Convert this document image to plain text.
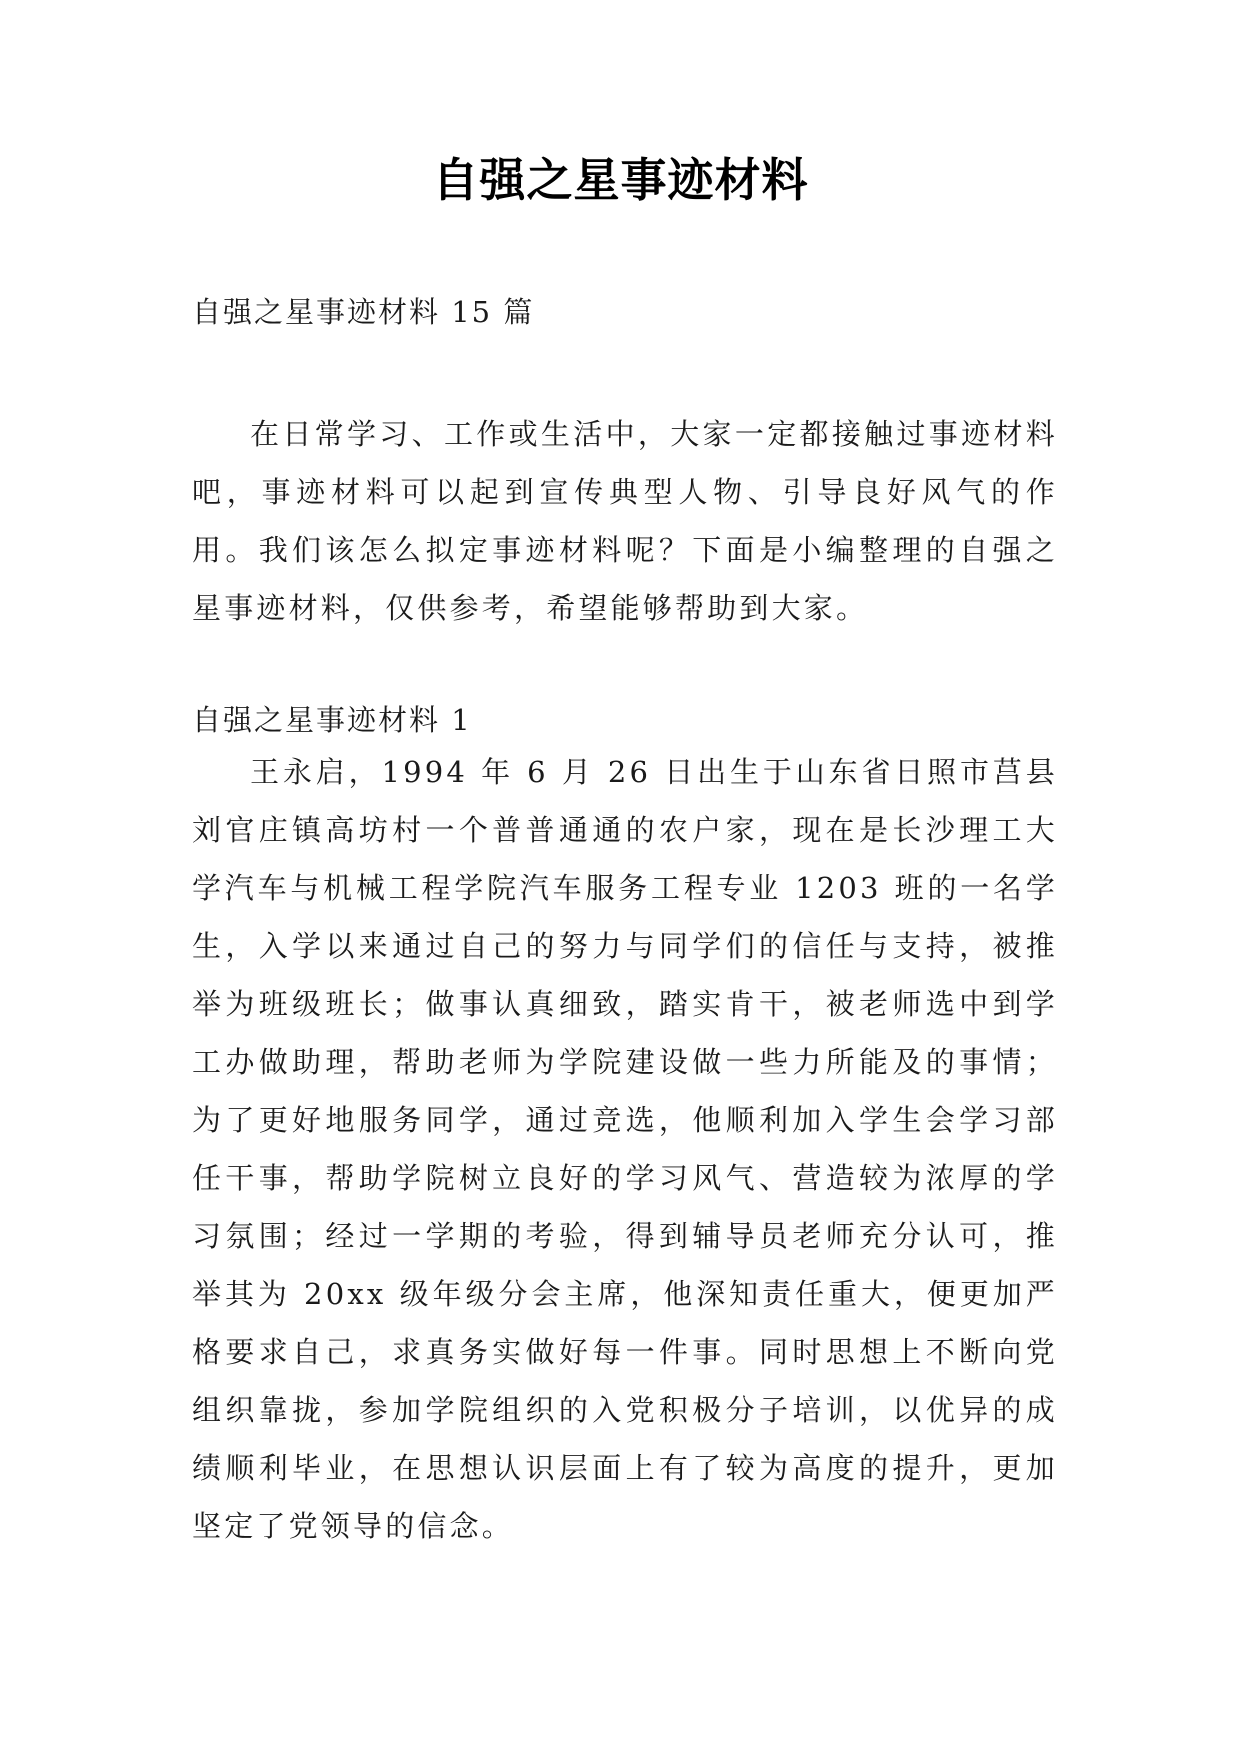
自强之星事迹材料
自强之星事迹材料 15 篇

在日常学习、工作或生活中，大家一定都接触过事迹材料吧，事迹材料可以起到宣传典型人物、引导良好风气的作用。我们该怎么拟定事迹材料呢？下面是小编整理的自强之星事迹材料，仅供参考，希望能够帮助到大家。

自强之星事迹材料 1

王永启，1994 年 6 月 26 日出生于山东省日照市莒县刘官庄镇高坊村一个普普通通的农户家，现在是长沙理工大学汽车与机械工程学院汽车服务工程专业 1203 班的一名学生，入学以来通过自己的努力与同学们的信任与支持，被推举为班级班长；做事认真细致，踏实肯干，被老师选中到学工办做助理，帮助老师为学院建设做一些力所能及的事情；为了更好地服务同学，通过竞选，他顺利加入学生会学习部任干事，帮助学院树立良好的学习风气、营造较为浓厚的学习氛围；经过一学期的考验，得到辅导员老师充分认可，推举其为 20xx 级年级分会主席，他深知责任重大，便更加严格要求自己，求真务实做好每一件事。同时思想上不断向党组织靠拢，参加学院组织的入党积极分子培训，以优异的成绩顺利毕业，在思想认识层面上有了较为高度的提升，更加坚定了党领导的信念。
